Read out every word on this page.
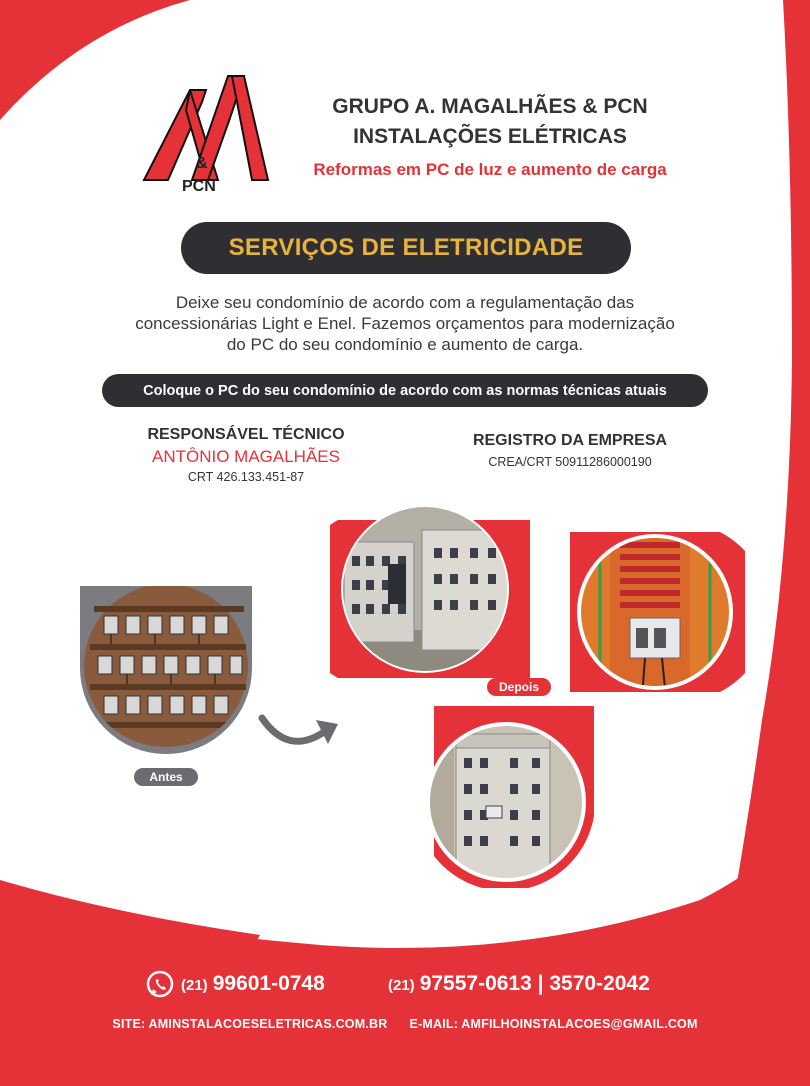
&
PCN
GRUPO A. MAGALHÃES & PCN
INSTALAÇÕES ELÉTRICAS
Reformas em PC de luz e aumento de carga
SERVIÇOS DE ELETRICIDADE
Deixe seu condomínio de acordo com a regulamentação das
concessionárias Light e Enel. Fazemos orçamentos para modernização
do PC do seu condomínio e aumento de carga.
Coloque o PC do seu condomínio de acordo com as normas técnicas atuais
RESPONSÁVEL TÉCNICO
ANTÔNIO MAGALHÃES
CRT 426.133.451-87
REGISTRO DA EMPRESA
CREA/CRT 50911286000190
Antes
Depois
(21) 99601-0748	(21) 97557-0613 | 3570-2042
SITE: AMINSTALACOESELETRICAS.COM.BR E-MAIL: AMFILHOINSTALACOES@GMAIL.COM
